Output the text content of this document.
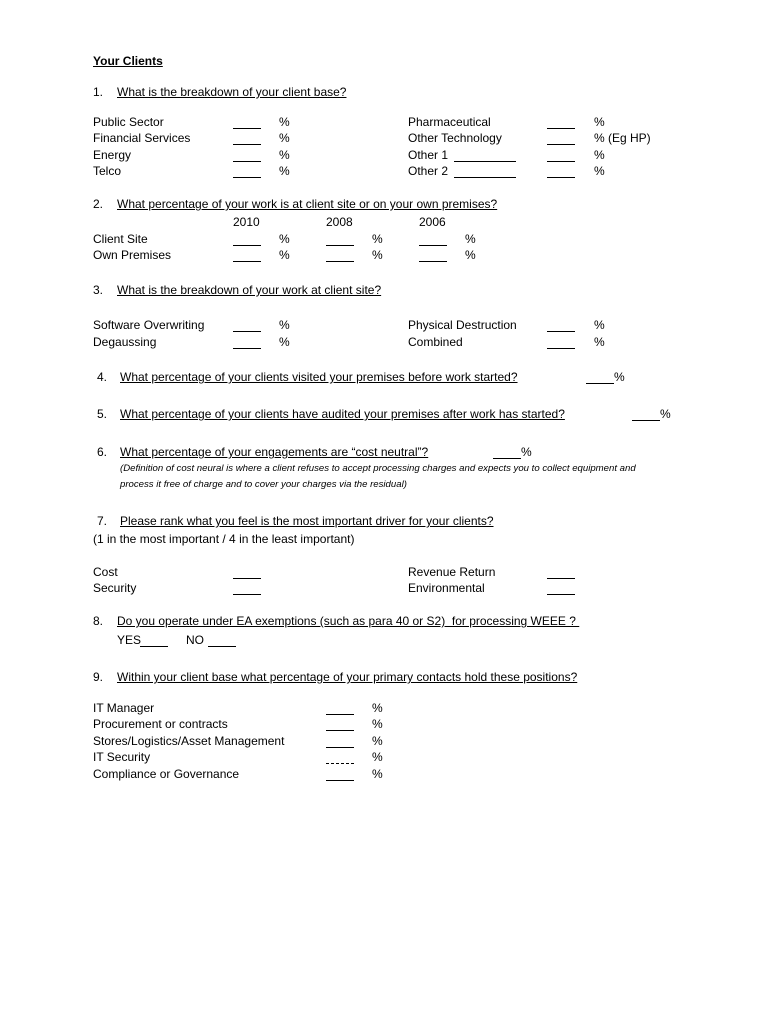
Your Clients
1. What is the breakdown of your client base?
Public Sector	%
Financial Services	%
Energy	%
Telco	%
Pharmaceutical	%
Other Technology	% (Eg HP)
Other 1	%
Other 2	%
2. What percentage of your work is at client site or on your own premises?
2010	2008	2006
Client Site	%	%	%
Own Premises	%	%	%
3. What is the breakdown of your work at client site?
Software Overwriting	%
Degaussing	%
Physical Destruction	%
Combined	%
4. What percentage of your clients visited your premises before work started?	%
5. What percentage of your clients have audited your premises after work has started?	%
6. What percentage of your engagements are “cost neutral”?	%
(Definition of cost neural is where a client refuses to accept processing charges and expects you to collect equipment and
process it free of charge and to cover your charges via the residual)
7. Please rank what you feel is the most important driver for your clients?
(1 in the most important / 4 in the least important)
Cost
Security
Revenue Return
Environmental
8. Do you operate under EA exemptions (such as para 40 or S2)  for processing WEEE ?
YES	NO
9. Within your client base what percentage of your primary contacts hold these positions?
IT Manager	%
Procurement or contracts	%
Stores/Logistics/Asset Management	%
IT Security	%
Compliance or Governance	%
